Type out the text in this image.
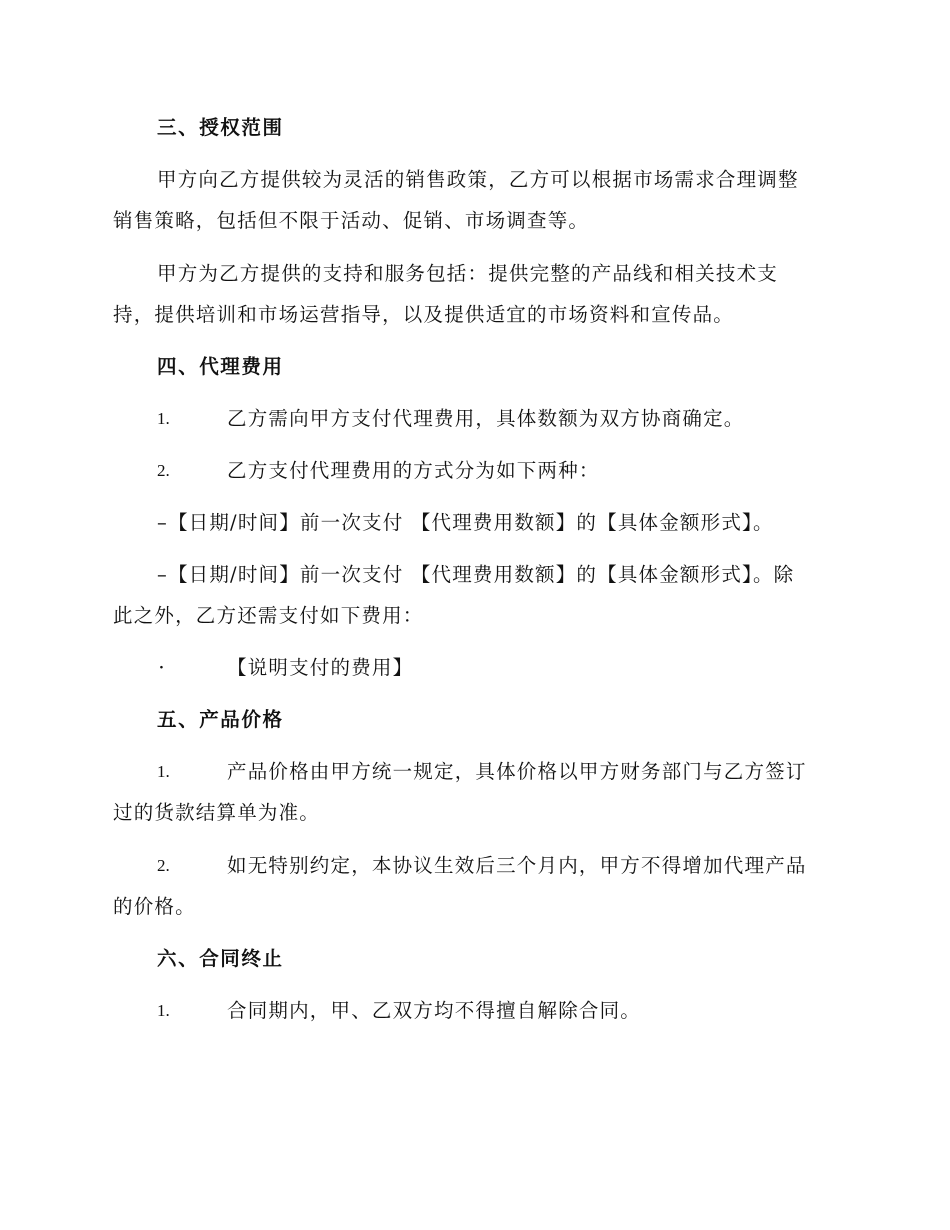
三、授权范围
甲方向乙方提供较为灵活的销售政策，乙方可以根据市场需求合理调整
销售策略，包括但不限于活动、促销、市场调查等。
甲方为乙方提供的支持和服务包括：提供完整的产品线和相关技术支
持，提供培训和市场运营指导，以及提供适宜的市场资料和宣传品。
四、代理费用
1.	乙方需向甲方支付代理费用，具体数额为双方协商确定。
2.	乙方支付代理费用的方式分为如下两种：
–【日期/时间】前一次支付 【代理费用数额】的【具体金额形式】。
–【日期/时间】前一次支付 【代理费用数额】的【具体金额形式】。除
此之外，乙方还需支付如下费用：
·	【说明支付的费用】
五、产品价格
1.	产品价格由甲方统一规定，具体价格以甲方财务部门与乙方签订
过的货款结算单为准。
2.	如无特别约定，本协议生效后三个月内，甲方不得增加代理产品
的价格。
六、合同终止
1.	合同期内，甲、乙双方均不得擅自解除合同。
